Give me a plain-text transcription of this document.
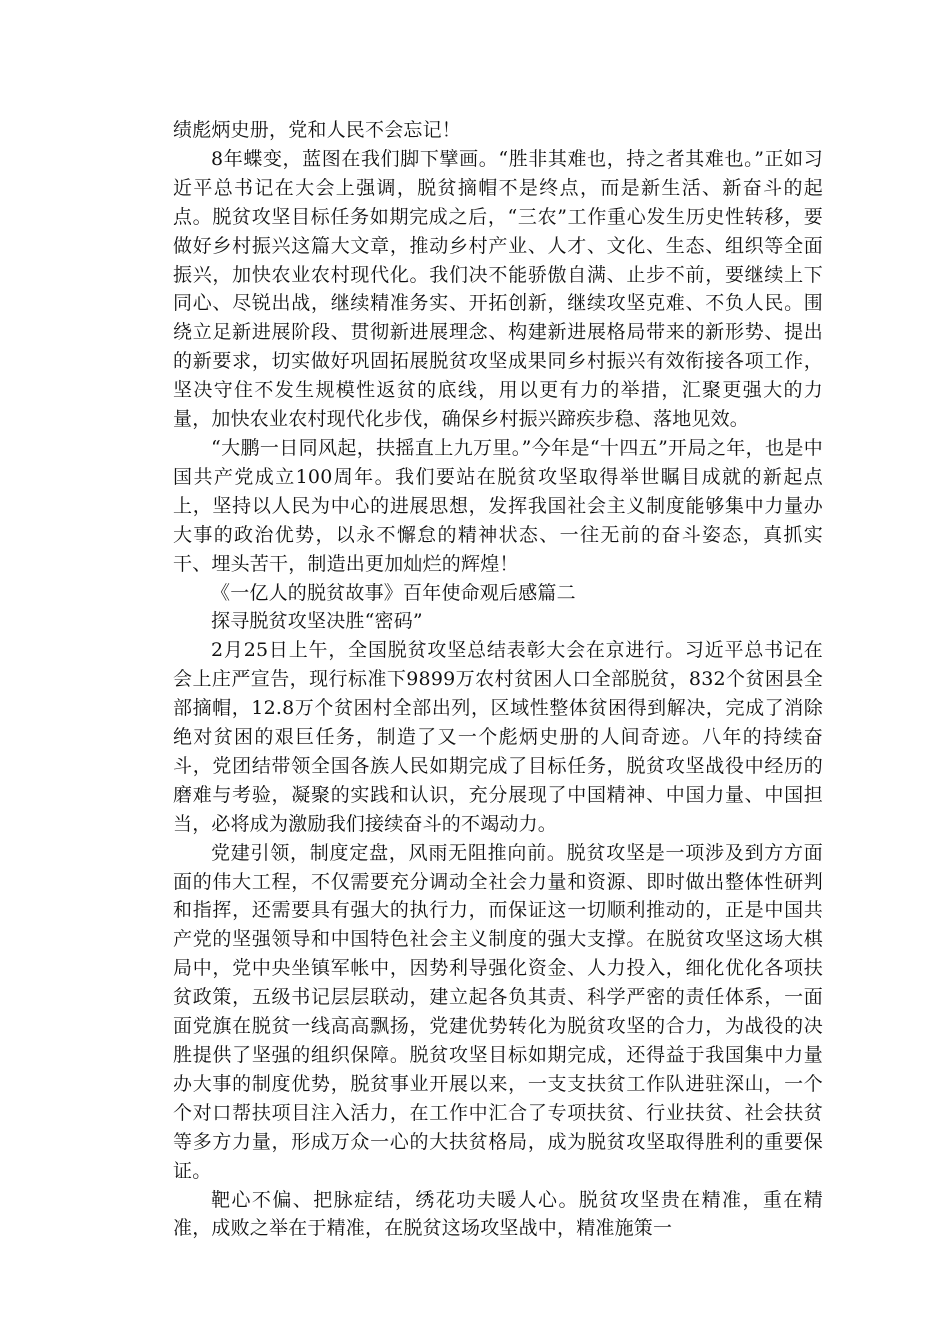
绩彪炳史册，党和人民不会忘记！

8年蝶变，蓝图在我们脚下擘画。“胜非其难也，持之者其难也。”正如习近平总书记在大会上强调，脱贫摘帽不是终点，而是新生活、新奋斗的起点。脱贫攻坚目标任务如期完成之后，“三农”工作重心发生历史性转移，要做好乡村振兴这篇大文章，推动乡村产业、人才、文化、生态、组织等全面振兴，加快农业农村现代化。我们决不能骄傲自满、止步不前，要继续上下同心、尽锐出战，继续精准务实、开拓创新，继续攻坚克难、不负人民。围绕立足新进展阶段、贯彻新进展理念、构建新进展格局带来的新形势、提出的新要求，切实做好巩固拓展脱贫攻坚成果同乡村振兴有效衔接各项工作，坚决守住不发生规模性返贫的底线，用以更有力的举措，汇聚更强大的力量，加快农业农村现代化步伐，确保乡村振兴蹄疾步稳、落地见效。

“大鹏一日同风起，扶摇直上九万里。”今年是“十四五”开局之年，也是中国共产党成立100周年。我们要站在脱贫攻坚取得举世瞩目成就的新起点上，坚持以人民为中心的进展思想，发挥我国社会主义制度能够集中力量办大事的政治优势，以永不懈怠的精神状态、一往无前的奋斗姿态，真抓实干、埋头苦干，制造出更加灿烂的辉煌！

《一亿人的脱贫故事》百年使命观后感篇二

探寻脱贫攻坚决胜“密码”

2月25日上午，全国脱贫攻坚总结表彰大会在京进行。习近平总书记在会上庄严宣告，现行标准下9899万农村贫困人口全部脱贫，832个贫困县全部摘帽，12.8万个贫困村全部出列，区域性整体贫困得到解决，完成了消除绝对贫困的艰巨任务，制造了又一个彪炳史册的人间奇迹。八年的持续奋斗，党团结带领全国各族人民如期完成了目标任务，脱贫攻坚战役中经历的磨难与考验，凝聚的实践和认识，充分展现了中国精神、中国力量、中国担当，必将成为激励我们接续奋斗的不竭动力。

党建引领，制度定盘，风雨无阻推向前。脱贫攻坚是一项涉及到方方面面的伟大工程，不仅需要充分调动全社会力量和资源、即时做出整体性研判和指挥，还需要具有强大的执行力，而保证这一切顺利推动的，正是中国共产党的坚强领导和中国特色社会主义制度的强大支撑。在脱贫攻坚这场大棋局中，党中央坐镇军帐中，因势利导强化资金、人力投入，细化优化各项扶贫政策，五级书记层层联动，建立起各负其责、科学严密的责任体系，一面面党旗在脱贫一线高高飘扬，党建优势转化为脱贫攻坚的合力，为战役的决胜提供了坚强的组织保障。脱贫攻坚目标如期完成，还得益于我国集中力量办大事的制度优势，脱贫事业开展以来，一支支扶贫工作队进驻深山，一个个对口帮扶项目注入活力，在工作中汇合了专项扶贫、行业扶贫、社会扶贫等多方力量，形成万众一心的大扶贫格局，成为脱贫攻坚取得胜利的重要保证。

靶心不偏、把脉症结，绣花功夫暖人心。脱贫攻坚贵在精准，重在精准，成败之举在于精准，在脱贫这场攻坚战中，精准施策一
